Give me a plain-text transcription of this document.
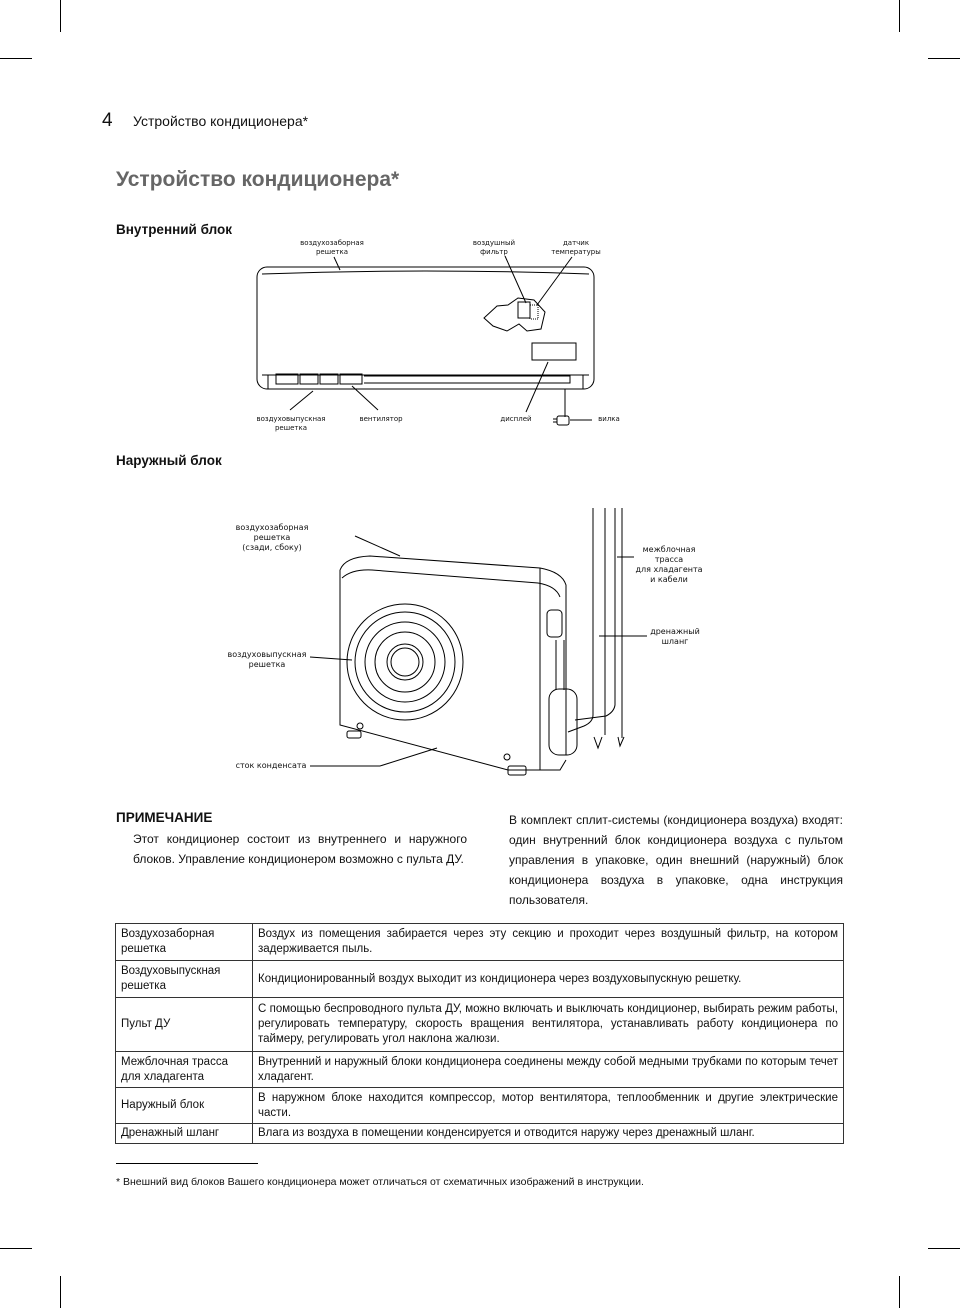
4 Устройство кондиционера*
Устройство кондиционера*
Внутренний блок
Наружный блок
воздухозаборная
решетка
воздушный
фильтр
датчик
температуры
воздуховыпускная
решетка
вентилятор	дисплей	вилка
воздухозаборная
решетка
(сзади, сбоку)
воздуховыпускная
решетка
сток конденсата
межблочная
трасса
для хладагента
и кабели
дренажный
шланг
ПРИМЕЧАНИЕ
Этот кондиционер состоит из внутреннего и наружного блоков. Управление кондиционером возможно с пульта ДУ.
В комплект сплит-системы (кондиционера воздуха) входят: один внутренний блок кондиционера воздуха с пультом управления в упаковке, один внешний (наружный) блок кондиционера воздуха в упаковке, одна инструкция пользователя.
Воздухозаборная решетка	Воздух из помещения забирается через эту секцию и проходит через воздушный фильтр, на котором задерживается пыль.
Воздуховыпускная решетка	Кондиционированный воздух выходит из кондиционера через воздуховыпускную решетку.
Пульт ДУ	С помощью беспроводного пульта ДУ, можно включать и выключать кондиционер, выбирать режим работы, регулировать температуру, скорость вращения вентилятора, устанавливать работу кондиционера по таймеру, регулировать угол наклона жалюзи.
Межблочная трасса для хладагента	Внутренний и наружный блоки кондиционера соединены между собой медными трубками по которым течет хладагент.
Наружный блок	В наружном блоке находится компрессор, мотор вентилятора, теплообменник и другие электрические части.
Дренажный шланг	Влага из воздуха в помещении конденсируется и отводится наружу через дренажный шланг.
* Внешний вид блоков Вашего кондиционера может отличаться от схематичных изображений в инструкции.
